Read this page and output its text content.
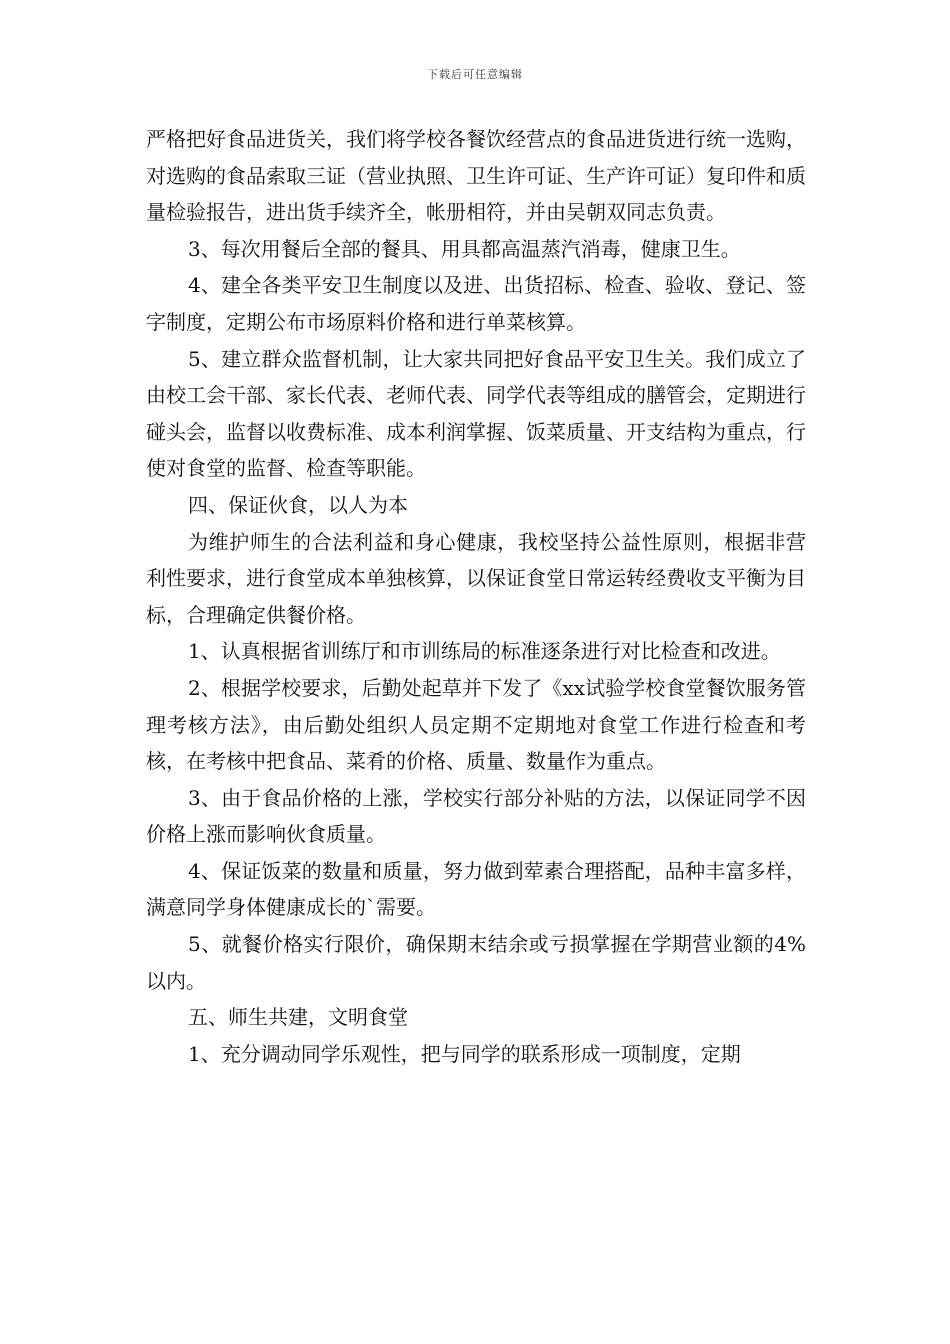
下载后可任意编辑

严格把好食品进货关，我们将学校各餐饮经营点的食品进货进行统一选购，对选购的食品索取三证（营业执照、卫生许可证、生产许可证）复印件和质量检验报告，进出货手续齐全，帐册相符，并由吴朝双同志负责。

3、每次用餐后全部的餐具、用具都高温蒸汽消毒，健康卫生。

4、建全各类平安卫生制度以及进、出货招标、检查、验收、登记、签字制度，定期公布市场原料价格和进行单菜核算。

5、建立群众监督机制，让大家共同把好食品平安卫生关。我们成立了由校工会干部、家长代表、老师代表、同学代表等组成的膳管会，定期进行碰头会，监督以收费标准、成本利润掌握、饭菜质量、开支结构为重点，行使对食堂的监督、检查等职能。

四、保证伙食，以人为本

为维护师生的合法利益和身心健康，我校坚持公益性原则，根据非营利性要求，进行食堂成本单独核算，以保证食堂日常运转经费收支平衡为目标，合理确定供餐价格。

1、认真根据省训练厅和市训练局的标准逐条进行对比检查和改进。

2、根据学校要求，后勤处起草并下发了《xx试验学校食堂餐饮服务管理考核方法》，由后勤处组织人员定期不定期地对食堂工作进行检查和考核，在考核中把食品、菜肴的价格、质量、数量作为重点。

3、由于食品价格的上涨，学校实行部分补贴的方法，以保证同学不因价格上涨而影响伙食质量。

4、保证饭菜的数量和质量，努力做到荤素合理搭配，品种丰富多样，满意同学身体健康成长的`需要。

5、就餐价格实行限价，确保期末结余或亏损掌握在学期营业额的4%以内。

五、师生共建，文明食堂

1、充分调动同学乐观性，把与同学的联系形成一项制度，定期
